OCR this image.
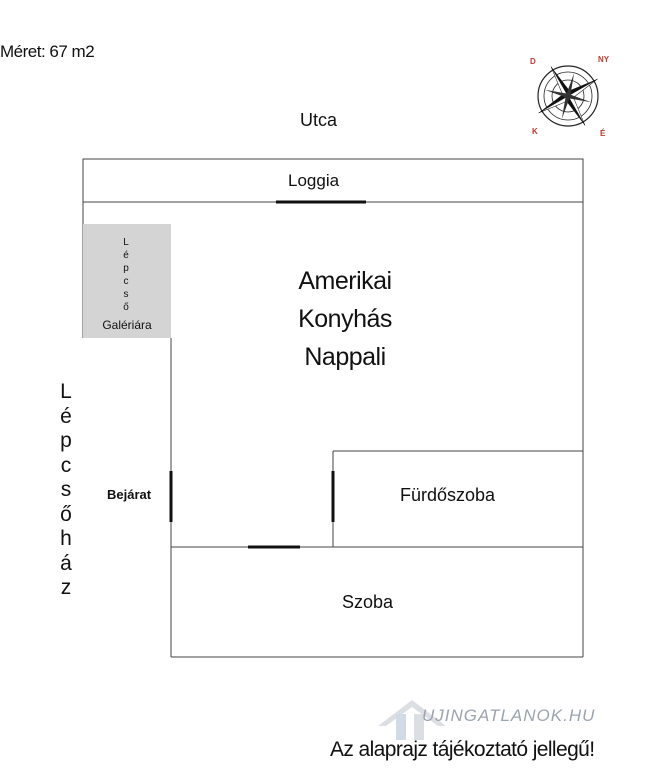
Méret: 67 m2
D	NY
K	É
Utca
Loggia
Amerikai
Konyhás
Nappali
L
é
p
c
s
ő
Galériára
L
é
p
c
s
ő
h
á
z
Bejárat	Fürdőszoba
Szoba
UJINGATLANOK.HU
Az alaprajz tájékoztató jellegű!
